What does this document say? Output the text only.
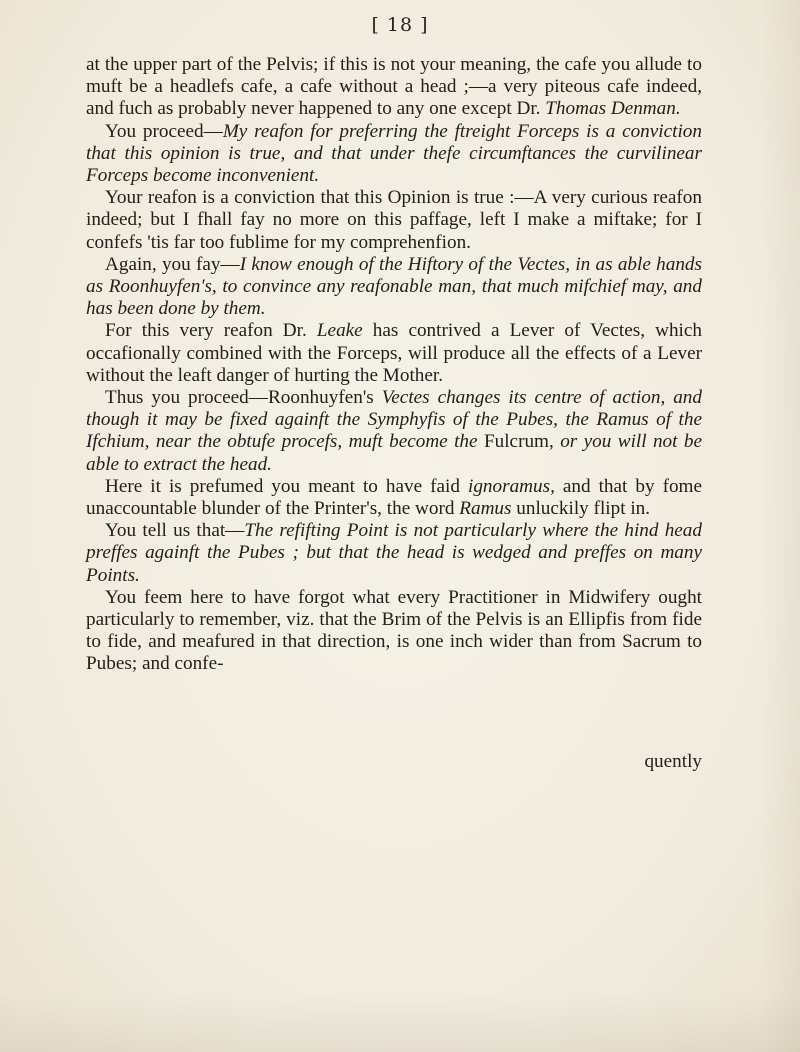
[ 18 ]

at the upper part of the Pelvis; if this is not your meaning, the cafe you allude to muft be a headlefs cafe, a cafe without a head ;—a very piteous cafe indeed, and fuch as probably never happened to any one except Dr. Thomas Denman.

You proceed—My reafon for preferring the ftreight Forceps is a conviction that this opinion is true, and that under thefe circumftances the curvilinear Forceps become inconvenient.

Your reafon is a conviction that this Opinion is true :—A very curious reafon indeed; but I fhall fay no more on this paffage, left I make a miftake; for I confefs 'tis far too fublime for my comprehenfion.

Again, you fay—I know enough of the Hiftory of the Vectes, in as able hands as Roonhuyfen's, to convince any reafonable man, that much mifchief may, and has been done by them.

For this very reafon Dr. Leake has contrived a Lever of Vectes, which occafionally combined with the Forceps, will produce all the effects of a Lever without the leaft danger of hurting the Mother.

Thus you proceed—Roonhuyfen's Vectes changes its centre of action, and though it may be fixed againft the Symphyfis of the Pubes, the Ramus of the Ifchium, near the obtufe procefs, muft become the Fulcrum, or you will not be able to extract the head.

Here it is prefumed you meant to have faid ignoramus, and that by fome unaccountable blunder of the Printer's, the word Ramus unluckily flipt in.

You tell us that—The refifting Point is not particularly where the hind head preffes againft the Pubes ; but that the head is wedged and preffes on many Points.

You feem here to have forgot what every Practitioner in Midwifery ought particularly to remember, viz. that the Brim of the Pelvis is an Ellipfis from fide to fide, and meafured in that direction, is one inch wider than from Sacrum to Pubes; and confe-

quently
